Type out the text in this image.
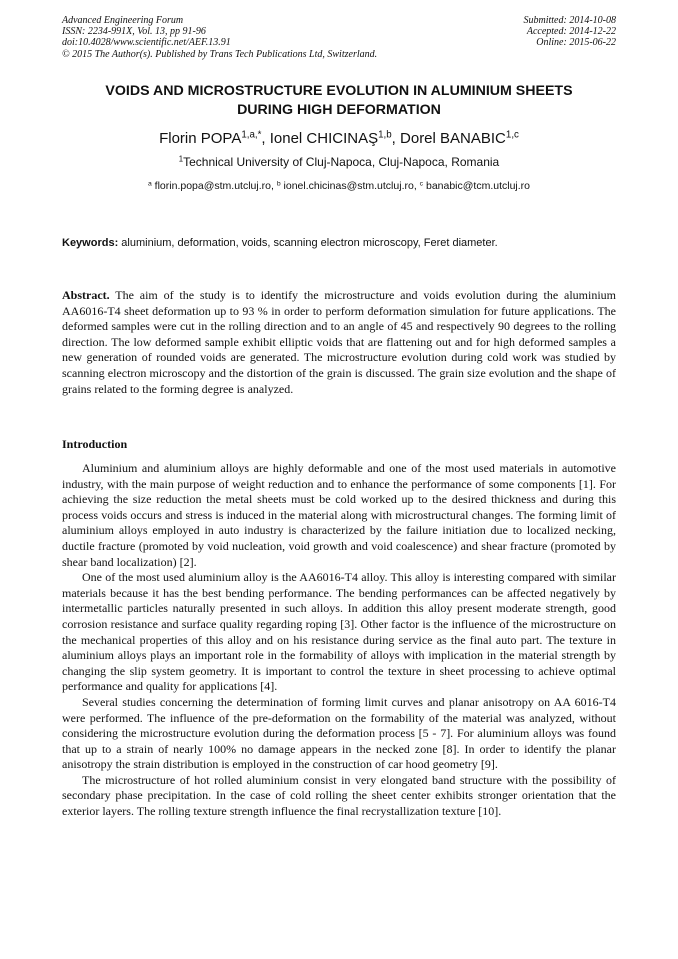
Advanced Engineering Forum
ISSN: 2234-991X, Vol. 13, pp 91-96
doi:10.4028/www.scientific.net/AEF.13.91
© 2015 The Author(s). Published by Trans Tech Publications Ltd, Switzerland.
Submitted: 2014-10-08
Accepted: 2014-12-22
Online: 2015-06-22
VOIDS AND MICROSTRUCTURE EVOLUTION IN ALUMINIUM SHEETS
DURING HIGH DEFORMATION
Florin $POPA^{1,a,*}$, Ionel CHICINAŞ$^{1,b}$, Dorel BANABIC$^{1,c}$
$^1$Technical University of Cluj-Napoca, Cluj-Napoca, Romania
$^a$ florin.popa@stm.utcluj.ro, $^b$ ionel.chicinas@stm.utcluj.ro, $^c$ banabic@tcm.utcluj.ro
Keywords: aluminium, deformation, voids, scanning electron microscopy, Feret diameter.

Abstract. The aim of the study is to identify the microstructure and voids evolution during the aluminium AA6016-T4 sheet deformation up to 93 % in order to perform deformation simulation for future applications. The deformed samples were cut in the rolling direction and to an angle of 45 and respectively 90 degrees to the rolling direction. The low deformed sample exhibit elliptic voids that are flattening out and for high deformed samples a new generation of rounded voids are generated. The microstructure evolution during cold work was studied by scanning electron microscopy and the distortion of the grain is discussed. The grain size evolution and the shape of grains related to the forming degree is analyzed.

Introduction

Aluminium and aluminium alloys are highly deformable and one of the most used materials in automotive industry, with the main purpose of weight reduction and to enhance the performance of some components [1]. For achieving the size reduction the metal sheets must be cold worked up to the desired thickness and during this process voids occurs and stress is induced in the material along with microstructural changes. The forming limit of aluminium alloys employed in auto industry is characterized by the failure initiation due to localized necking, ductile fracture (promoted by void nucleation, void growth and void coalescence) and shear fracture (promoted by shear band localization) [2].

One of the most used aluminium alloy is the AA6016-T4 alloy. This alloy is interesting compared with similar materials because it has the best bending performance. The bending performances can be affected negatively by intermetallic particles naturally presented in such alloys. In addition this alloy present moderate strength, good corrosion resistance and surface quality regarding roping [3]. Other factor is the influence of the microstructure on the mechanical properties of this alloy and on his resistance during service as the final auto part. The texture in aluminium alloys plays an important role in the formability of alloys with implication in the material strength by changing the slip system geometry. It is important to control the texture in sheet processing to achieve optimal performance and quality for applications [4].

Several studies concerning the determination of forming limit curves and planar anisotropy on AA 6016-T4 were performed. The influence of the pre-deformation on the formability of the material was analyzed, without considering the microstructure evolution during the deformation process [5 - 7]. For aluminium alloys was found that up to a strain of nearly 100% no damage appears in the necked zone [8]. In order to identify the planar anisotropy the strain distribution is employed in the construction of car hood geometry [9].

The microstructure of hot rolled aluminium consist in very elongated band structure with the possibility of secondary phase precipitation. In the case of cold rolling the sheet center exhibits stronger orientation that the exterior layers. The rolling texture strength influence the final recrystallization texture [10].
